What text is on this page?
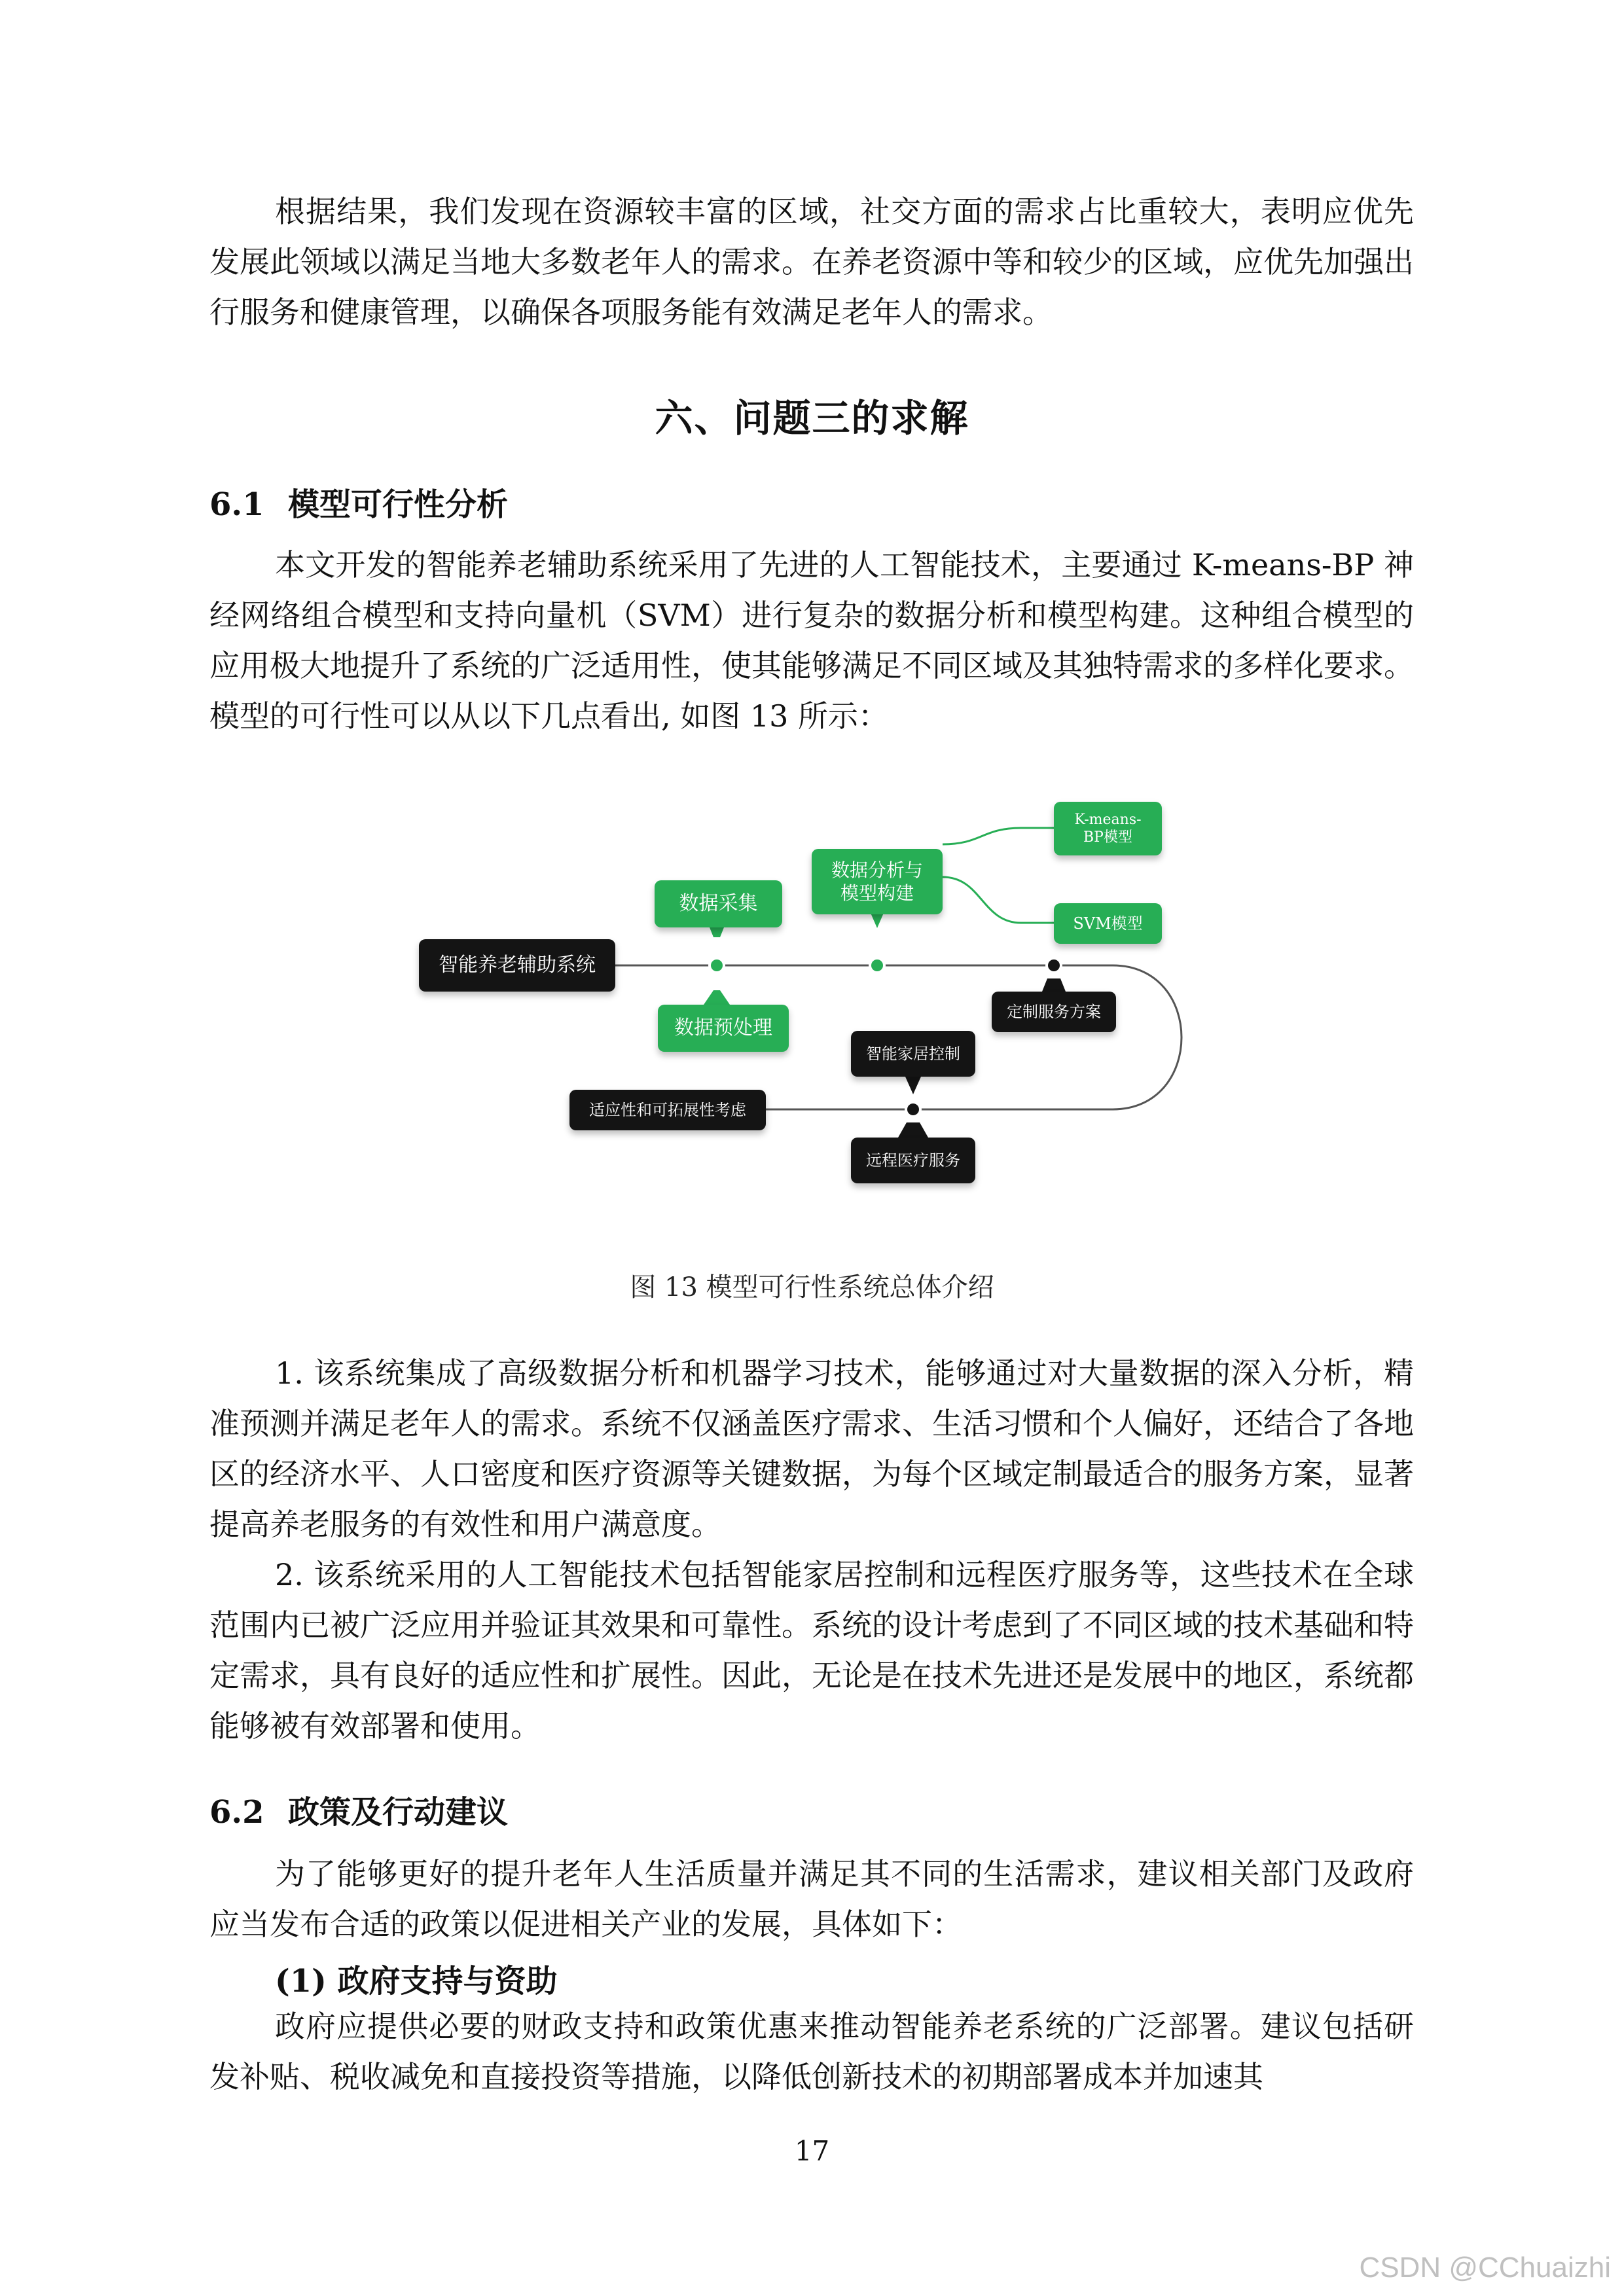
根据结果，我们发现在资源较丰富的区域，社交方面的需求占比重较大，表明应优先发展此领域以满足当地大多数老年人的需求。在养老资源中等和较少的区域，应优先加强出行服务和健康管理，以确保各项服务能有效满足老年人的需求。

六、问题三的求解
6.1 模型可行性分析

本文开发的智能养老辅助系统采用了先进的人工智能技术，主要通过 K-means-BP 神经网络组合模型和支持向量机（SVM）进行复杂的数据分析和模型构建。这种组合模型的应用极大地提升了系统的广泛适用性，使其能够满足不同区域及其独特需求的多样化要求。模型的可行性可以从以下几点看出, 如图 13 所示：

智能养老辅助系统
数据采集
数据预处理
数据分析与模型构建
K-means-BP模型
SVM模型
定制服务方案
智能家居控制
适应性和可拓展性考虑
远程医疗服务

图 13 模型可行性系统总体介绍

1. 该系统集成了高级数据分析和机器学习技术，能够通过对大量数据的深入分析，精准预测并满足老年人的需求。系统不仅涵盖医疗需求、生活习惯和个人偏好，还结合了各地区的经济水平、人口密度和医疗资源等关键数据，为每个区域定制最适合的服务方案，显著提高养老服务的有效性和用户满意度。

2. 该系统采用的人工智能技术包括智能家居控制和远程医疗服务等，这些技术在全球范围内已被广泛应用并验证其效果和可靠性。系统的设计考虑到了不同区域的技术基础和特定需求，具有良好的适应性和扩展性。因此，无论是在技术先进还是发展中的地区，系统都能够被有效部署和使用。

6.2 政策及行动建议

为了能够更好的提升老年人生活质量并满足其不同的生活需求，建议相关部门及政府应当发布合适的政策以促进相关产业的发展，具体如下：

(1) 政府支持与资助

政府应提供必要的财政支持和政策优惠来推动智能养老系统的广泛部署。建议包括研发补贴、税收减免和直接投资等措施，以降低创新技术的初期部署成本并加速其

17

CSDN @CChuaizhi
